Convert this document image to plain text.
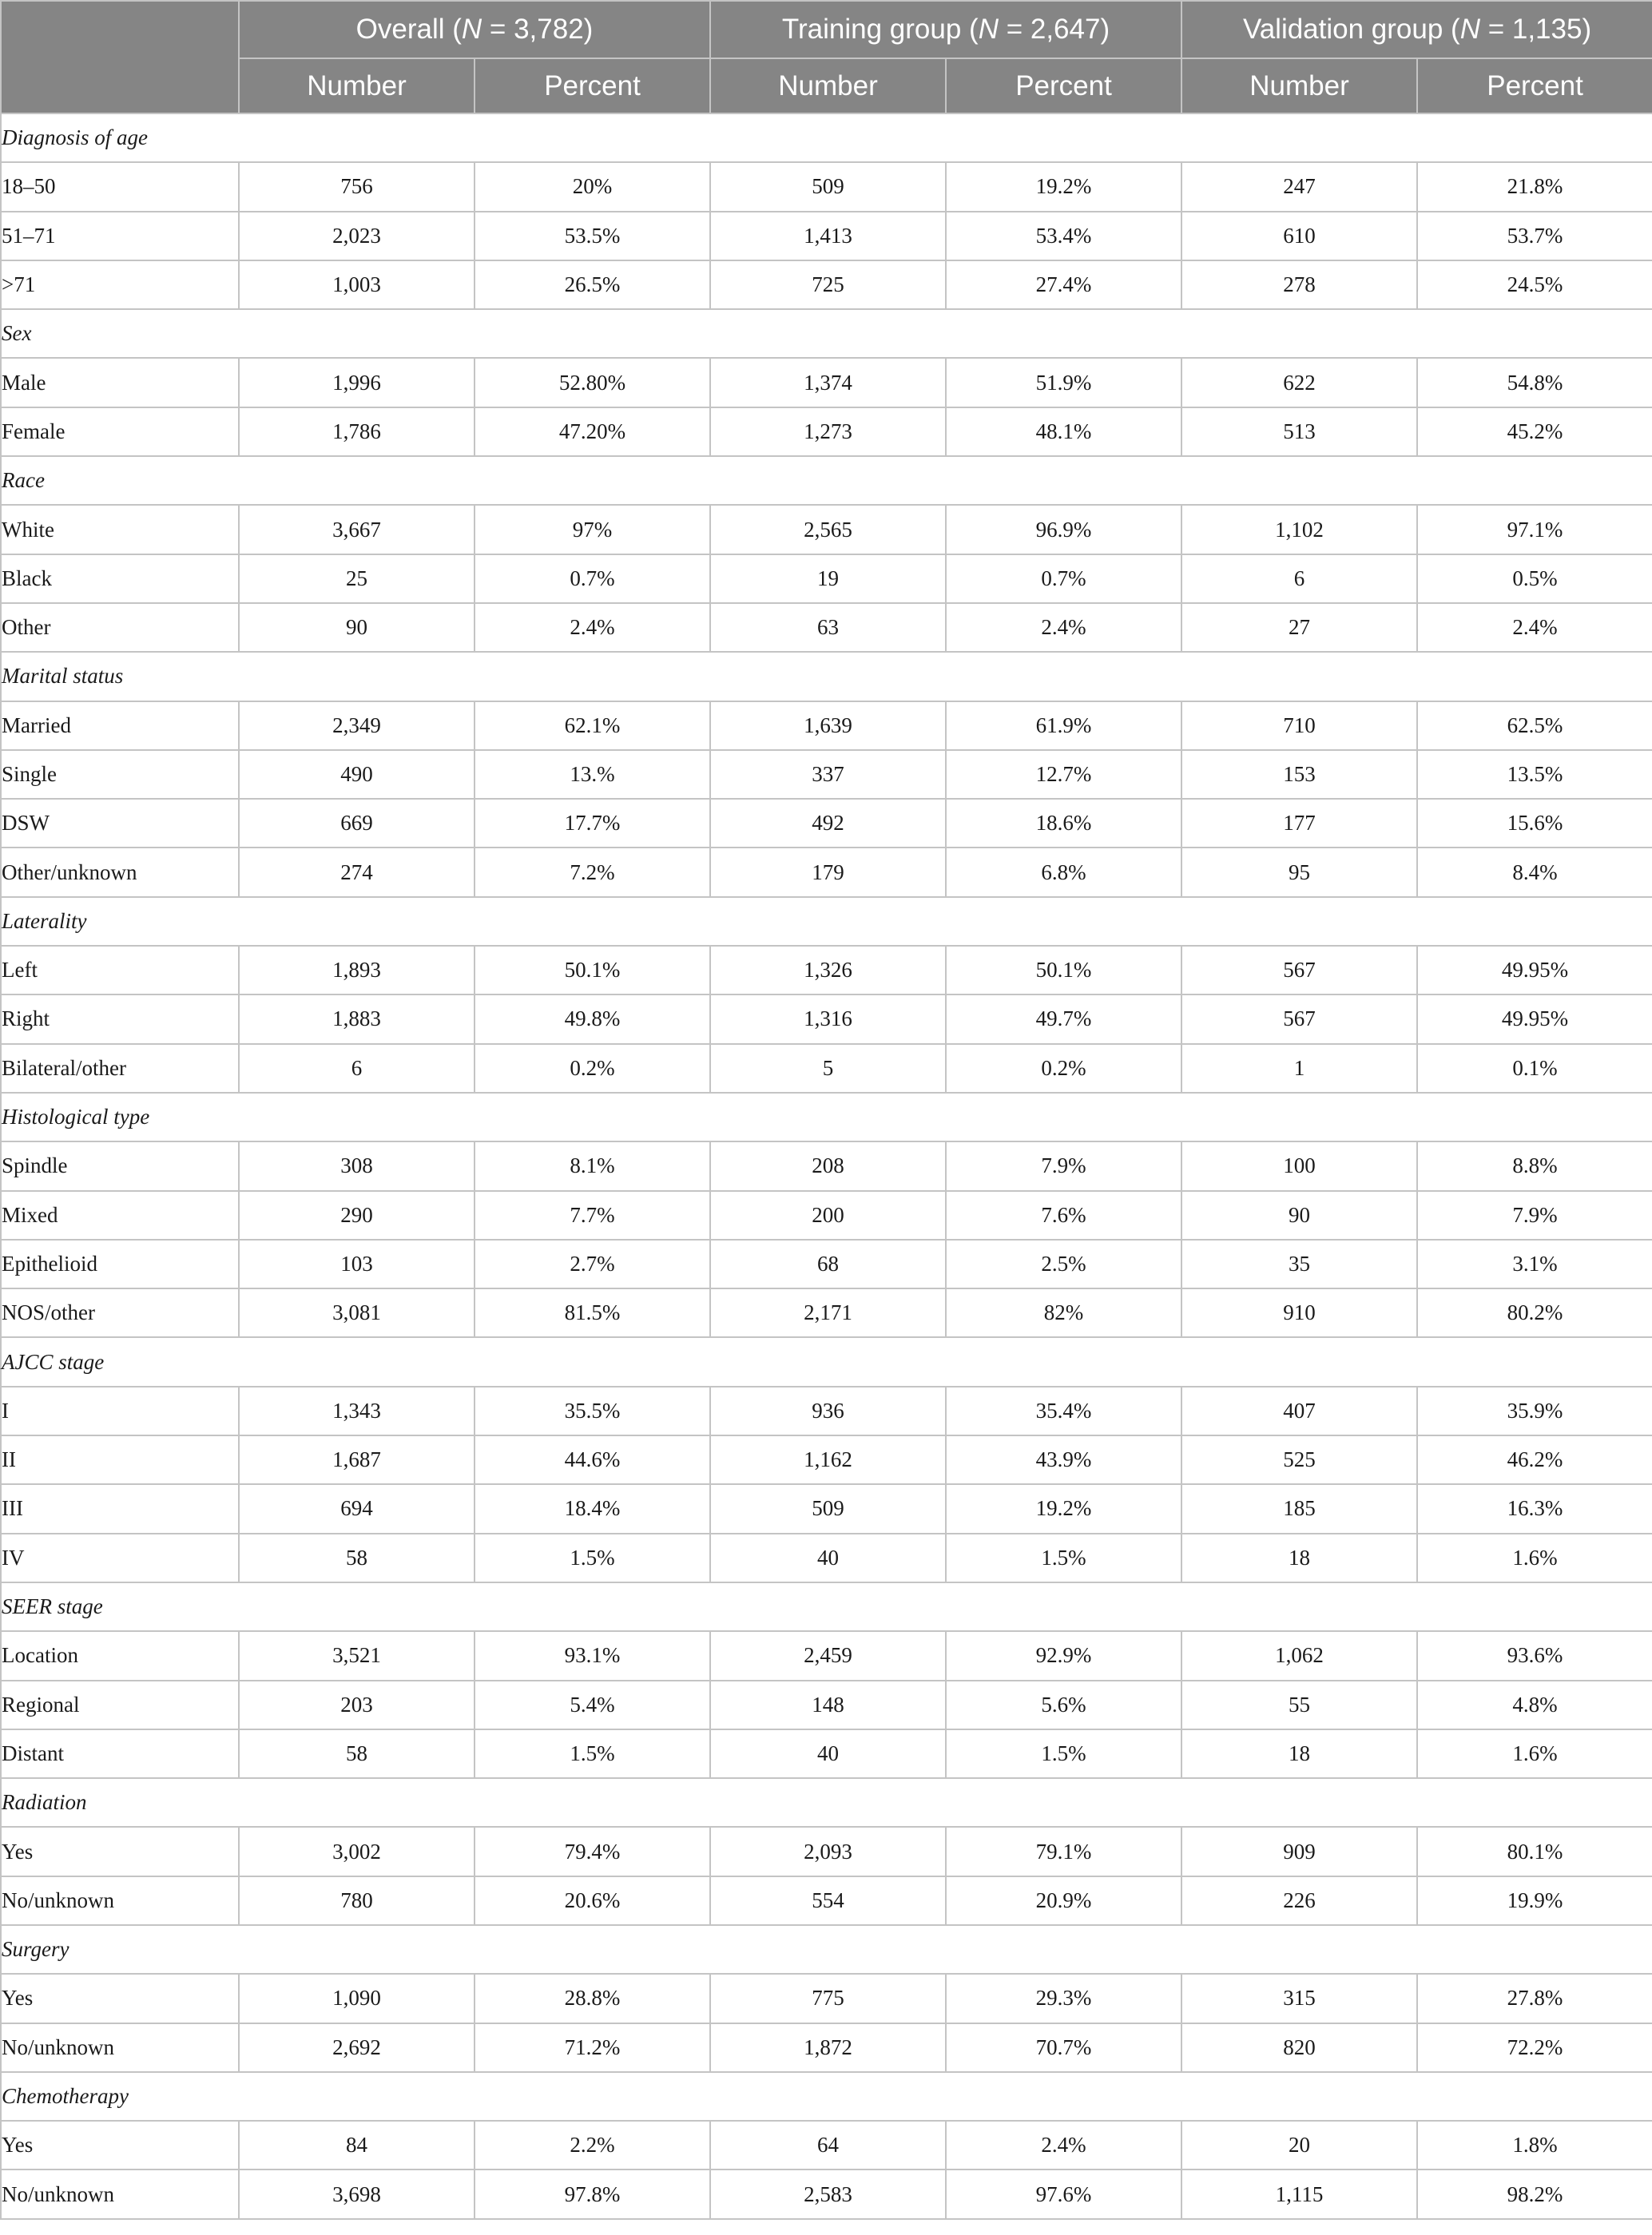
	Overall (N = 3,782)		Training group (N = 2,647)		Validation group (N = 1,135)	
	Number	Percent	Number	Percent	Number	Percent
Diagnosis of age						
18–50	756	20%	509	19.2%	247	21.8%
51–71	2,023	53.5%	1,413	53.4%	610	53.7%
>71	1,003	26.5%	725	27.4%	278	24.5%
Sex						
Male	1,996	52.80%	1,374	51.9%	622	54.8%
Female	1,786	47.20%	1,273	48.1%	513	45.2%
Race						
White	3,667	97%	2,565	96.9%	1,102	97.1%
Black	25	0.7%	19	0.7%	6	0.5%
Other	90	2.4%	63	2.4%	27	2.4%
Marital status						
Married	2,349	62.1%	1,639	61.9%	710	62.5%
Single	490	13.%	337	12.7%	153	13.5%
DSW	669	17.7%	492	18.6%	177	15.6%
Other/unknown	274	7.2%	179	6.8%	95	8.4%
Laterality						
Left	1,893	50.1%	1,326	50.1%	567	49.95%
Right	1,883	49.8%	1,316	49.7%	567	49.95%
Bilateral/other	6	0.2%	5	0.2%	1	0.1%
Histological type						
Spindle	308	8.1%	208	7.9%	100	8.8%
Mixed	290	7.7%	200	7.6%	90	7.9%
Epithelioid	103	2.7%	68	2.5%	35	3.1%
NOS/other	3,081	81.5%	2,171	82%	910	80.2%
AJCC stage						
I	1,343	35.5%	936	35.4%	407	35.9%
II	1,687	44.6%	1,162	43.9%	525	46.2%
III	694	18.4%	509	19.2%	185	16.3%
IV	58	1.5%	40	1.5%	18	1.6%
SEER stage						
Location	3,521	93.1%	2,459	92.9%	1,062	93.6%
Regional	203	5.4%	148	5.6%	55	4.8%
Distant	58	1.5%	40	1.5%	18	1.6%
Radiation						
Yes	3,002	79.4%	2,093	79.1%	909	80.1%
No/unknown	780	20.6%	554	20.9%	226	19.9%
Surgery						
Yes	1,090	28.8%	775	29.3%	315	27.8%
No/unknown	2,692	71.2%	1,872	70.7%	820	72.2%
Chemotherapy						
Yes	84	2.2%	64	2.4%	20	1.8%
No/unknown	3,698	97.8%	2,583	97.6%	1,115	98.2%
